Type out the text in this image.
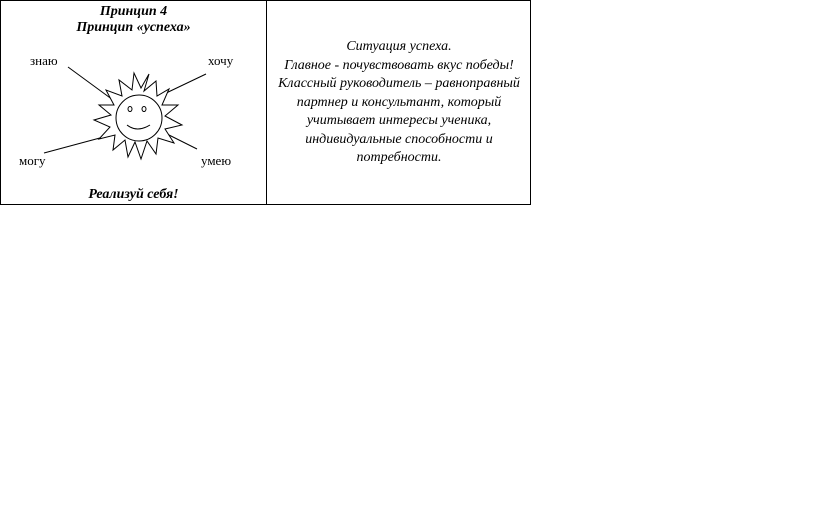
Принцип 4
Принцип «успеха»
знаю	хочу
могу	умею
Реализуй себя!

Ситуация успеха.

Главное - почувствовать вкус победы! Классный руководитель – равноправный партнер и консультант, который учитывает интересы ученика, индивидуальные способности и потребности.
